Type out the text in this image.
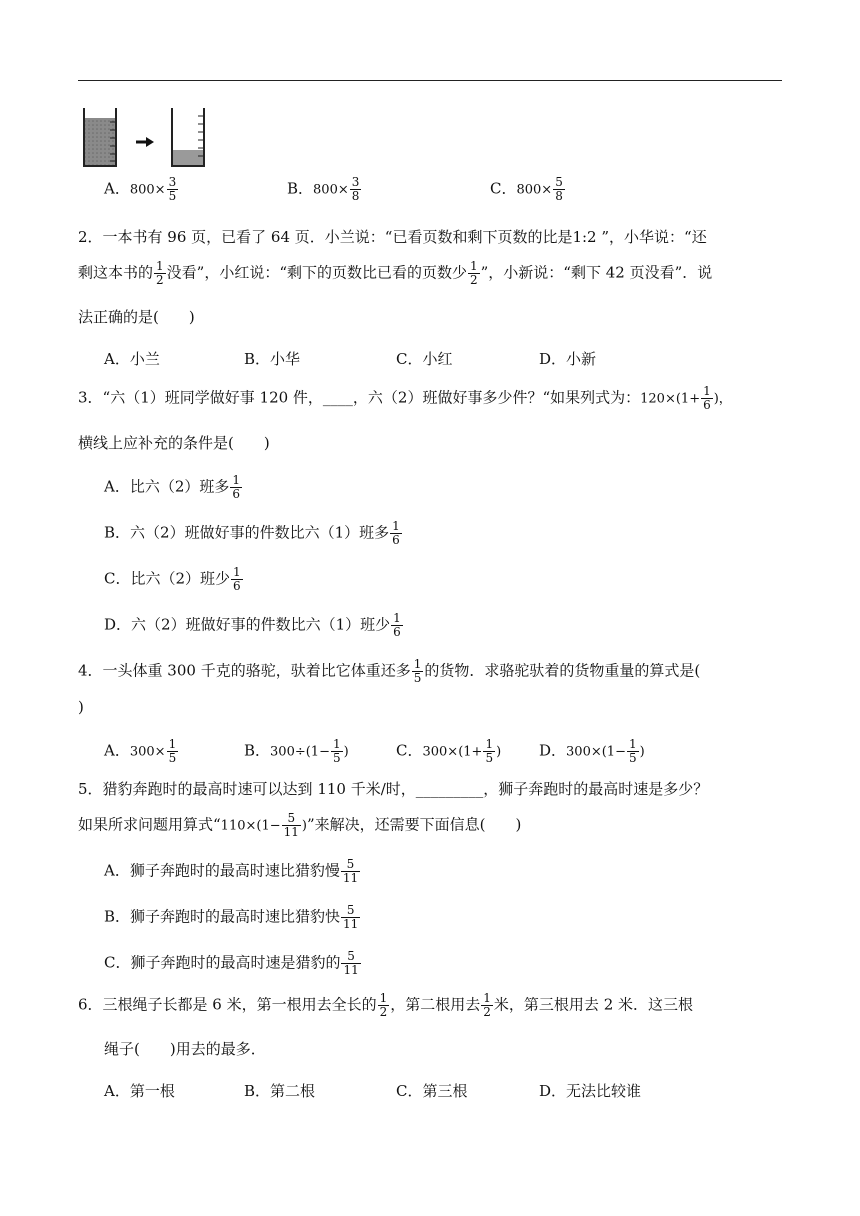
A．$800\times \frac{3}{5}$	B．$800\times \frac{3}{8}$	C．$800\times \frac{5}{8}$
2．一本书有 96 页，已看了 64 页．小兰说：“已看页数和剩下页数的比是1:2 ”，小华说：“还
剩这本书的 $\frac{1}{2}$ 没看”，小红说：“剩下的页数比已看的页数少 $\frac{1}{2}$ ”，小新说：“剩下 42 页没看”．说
法正确的是(　　)
A．小兰	B．小华	C．小红	D．小新
3．“六（1）班同学做好事 120 件，____，六（2）班做好事多少件？“如果列式为：$120\times(1+ \frac{1}{6}$ )，
横线上应补充的条件是(　　)
A．比六（2）班多 $\frac{1}{6}$
B．六（2）班做好事的件数比六（1）班多 $\frac{1}{6}$
C．比六（2）班少 $\frac{1}{6}$
D．六（2）班做好事的件数比六（1）班少 $\frac{1}{6}$
4．一头体重 300 千克的骆驼，驮着比它体重还多 $\frac{1}{5}$ 的货物．求骆驼驮着的货物重量的算式是(
)
A．$300\times \frac{1}{5}$	B．$300\div(1- \frac{1}{5}$ )	C．$300\times(1+ \frac{1}{5}$ )	D．$300\times(1- \frac{1}{5}$ )
5．猎豹奔跑时的最高时速可以达到 110 千米/时，_________，狮子奔跑时的最高时速是多少？
如果所求问题用算式“$110\times(1- \frac{5}{11}$ )”来解决，还需要下面信息(　　)
A．狮子奔跑时的最高时速比猎豹慢 $\frac{5}{11}$
B．狮子奔跑时的最高时速比猎豹快 $\frac{5}{11}$
C．狮子奔跑时的最高时速是猎豹的 $\frac{5}{11}$
6．三根绳子长都是 6 米，第一根用去全长的 $\frac{1}{2}$ ，第二根用去 $\frac{1}{2}$ 米，第三根用去 2 米．这三根
绳子(　　)用去的最多．
A．第一根	B．第二根	C．第三根	D．无法比较谁
